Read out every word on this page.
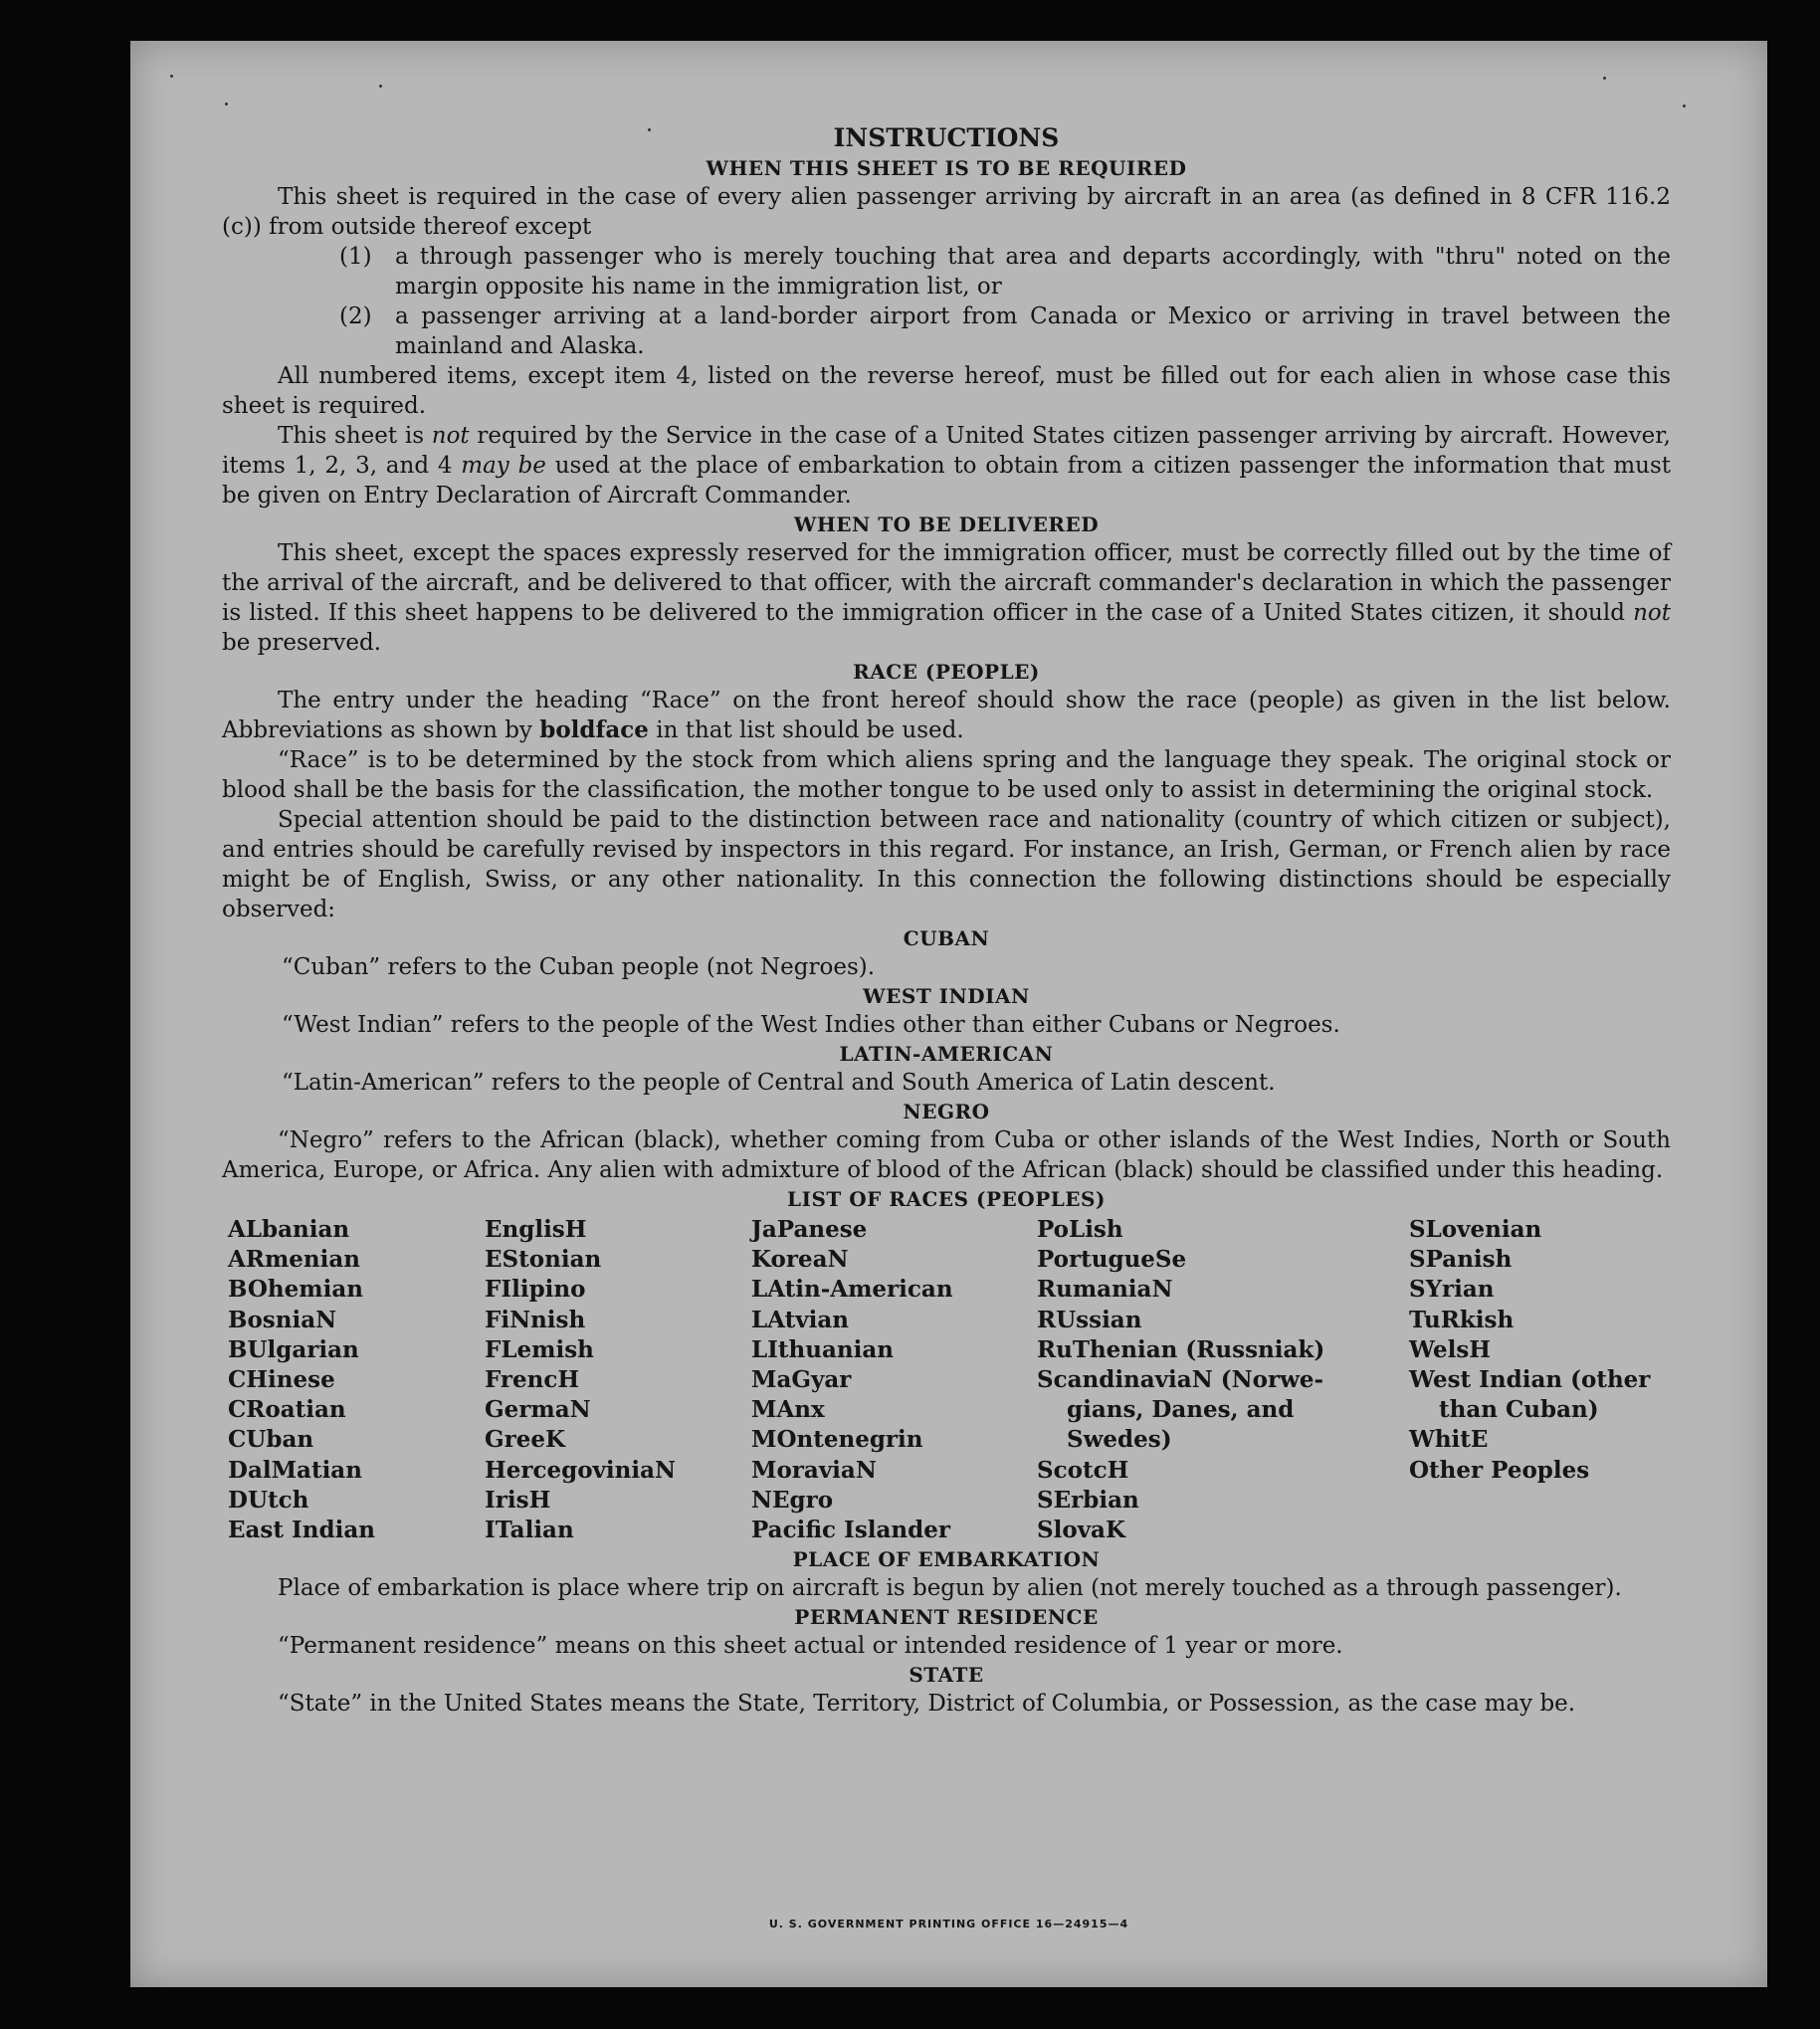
INSTRUCTIONS
WHEN THIS SHEET IS TO BE REQUIRED

This sheet is required in the case of every alien passenger arriving by aircraft in an area (as defined in 8 CFR 116.2 (c)) from outside thereof except

(1)	a through passenger who is merely touching that area and departs accordingly, with "thru" noted on the margin opposite his name in the immigration list, or
(2)	a passenger arriving at a land-border airport from Canada or Mexico or arriving in travel between the mainland and Alaska.

All numbered items, except item 4, listed on the reverse hereof, must be filled out for each alien in whose case this sheet is required.

This sheet is not required by the Service in the case of a United States citizen passenger arriving by aircraft. However, items 1, 2, 3, and 4 may be used at the place of embarkation to obtain from a citizen passenger the information that must be given on Entry Declaration of Aircraft Commander.

WHEN TO BE DELIVERED

This sheet, except the spaces expressly reserved for the immigration officer, must be correctly filled out by the time of the arrival of the aircraft, and be delivered to that officer, with the aircraft commander's declaration in which the passenger is listed. If this sheet happens to be delivered to the immigration officer in the case of a United States citizen, it should not be preserved.

RACE (PEOPLE)

The entry under the heading “Race” on the front hereof should show the race (people) as given in the list below. Abbreviations as shown by boldface in that list should be used.

“Race” is to be determined by the stock from which aliens spring and the language they speak. The original stock or blood shall be the basis for the classification, the mother tongue to be used only to assist in determining the original stock.

Special attention should be paid to the distinction between race and nationality (country of which citizen or subject), and entries should be carefully revised by inspectors in this regard. For instance, an Irish, German, or French alien by race might be of English, Swiss, or any other nationality. In this connection the following distinctions should be especially observed:

CUBAN

“Cuban” refers to the Cuban people (not Negroes).

WEST INDIAN

“West Indian” refers to the people of the West Indies other than either Cubans or Negroes.

LATIN-AMERICAN

“Latin-American” refers to the people of Central and South America of Latin descent.

NEGRO

“Negro” refers to the African (black), whether coming from Cuba or other islands of the West Indies, North or South America, Europe, or Africa. Any alien with admixture of blood of the African (black) should be classified under this heading.

LIST OF RACES (PEOPLES)
ALbanian
ARmenian
BOhemian
BosniaN
BUlgarian
CHinese
CRoatian
CUban
DalMatian
DUtch
East Indian
EnglisH
EStonian
FIlipino
FiNnish
FLemish
FrencH
GermaN
GreeK
HercegoviniaN
IrisH
ITalian
JaPanese
KoreaN
LAtin-American
LAtvian
LIthuanian
MaGyar
MAnx
MOntenegrin
MoraviaN
NEgro
Pacific Islander
PoLish
PortugueSe
RumaniaN
RUssian
RuThenian (Russniak)
ScandinaviaN (Norwe-
gians, Danes, and
Swedes)
ScotcH
SErbian
SlovaK
SLovenian
SPanish
SYrian
TuRkish
WelsH
West Indian (other
than Cuban)
WhitE
Other Peoples
PLACE OF EMBARKATION

Place of embarkation is place where trip on aircraft is begun by alien (not merely touched as a through passenger).

PERMANENT RESIDENCE

“Permanent residence” means on this sheet actual or intended residence of 1 year or more.

STATE

“State” in the United States means the State, Territory, District of Columbia, or Possession, as the case may be.

U. S. GOVERNMENT PRINTING OFFICE 16—24915—4
